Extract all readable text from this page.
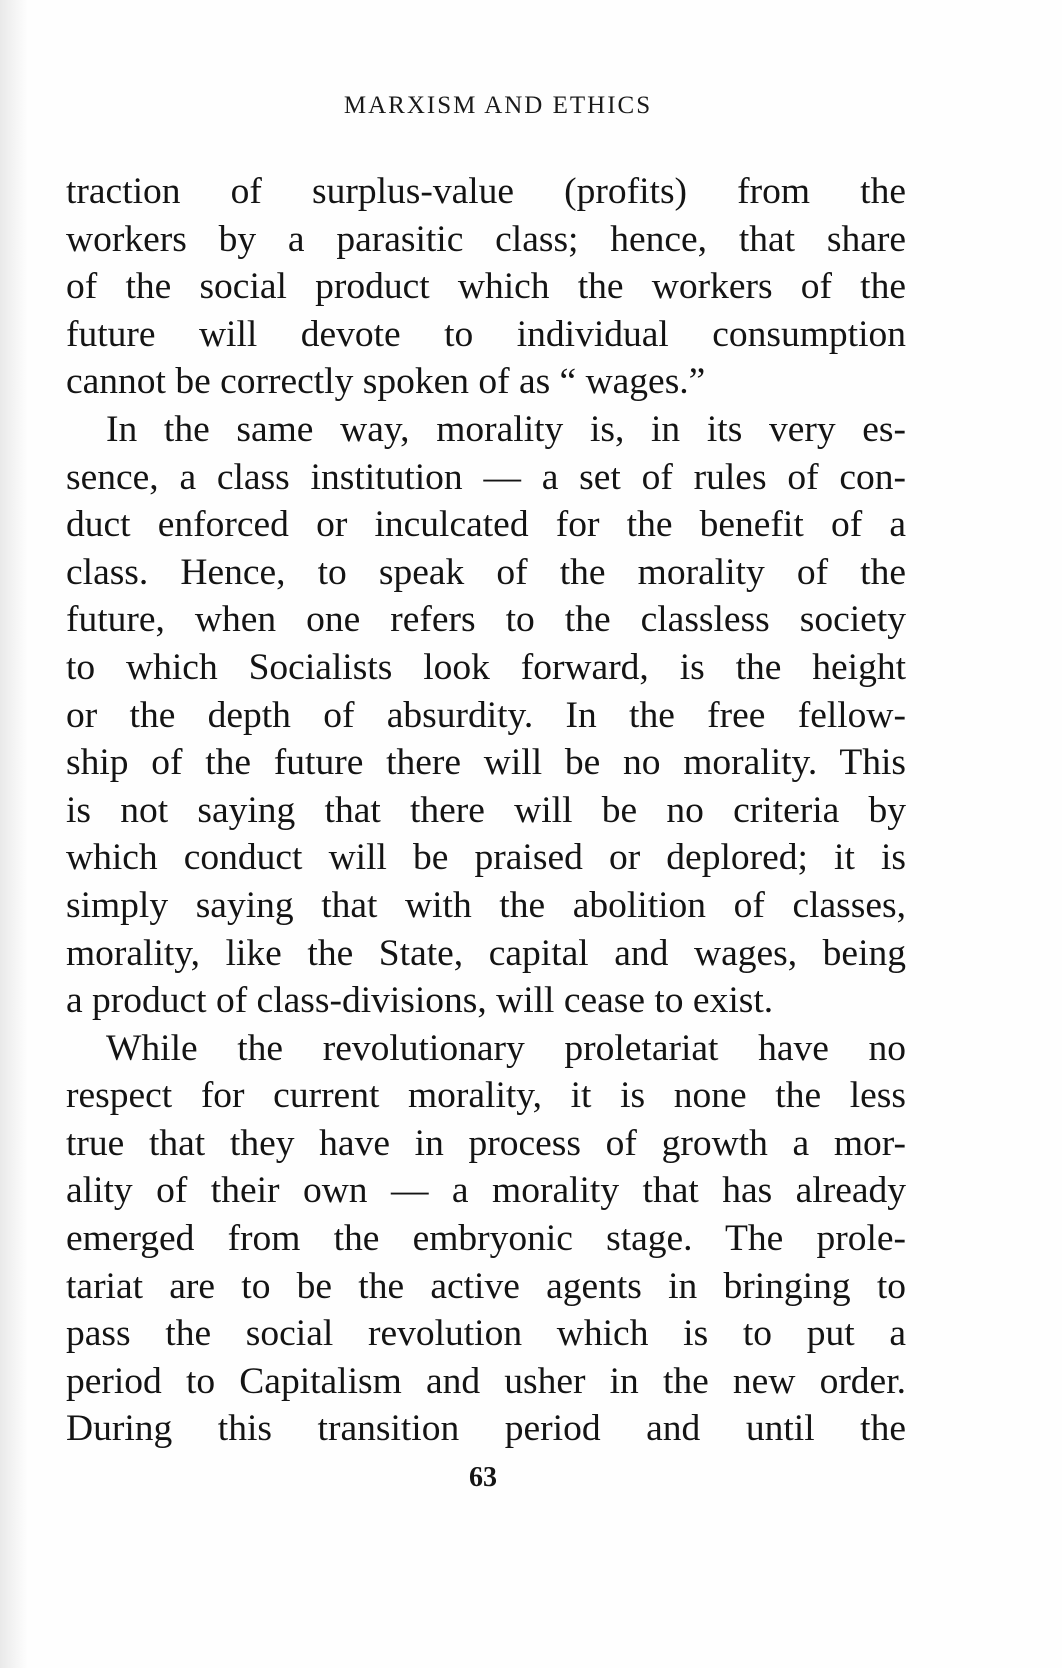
MARXISM AND ETHICS
traction of surplus-value (profits) from the
workers by a parasitic class; hence, that share
of the social product which the workers of the
future will devote to individual consumption
cannot be correctly spoken of as “ wages.”
In the same way, morality is, in its very es-
sence, a class institution — a set of rules of con-
duct enforced or inculcated for the benefit of a
class. Hence, to speak of the morality of the
future, when one refers to the classless society
to which Socialists look forward, is the height
or the depth of absurdity. In the free fellow-
ship of the future there will be no morality. This
is not saying that there will be no criteria by
which conduct will be praised or deplored; it is
simply saying that with the abolition of classes,
morality, like the State, capital and wages, being
a product of class-divisions, will cease to exist.
While the revolutionary proletariat have no
respect for current morality, it is none the less
true that they have in process of growth a mor-
ality of their own — a morality that has already
emerged from the embryonic stage. The prole-
tariat are to be the active agents in bringing to
pass the social revolution which is to put a
period to Capitalism and usher in the new order.
During this transition period and until the
63
